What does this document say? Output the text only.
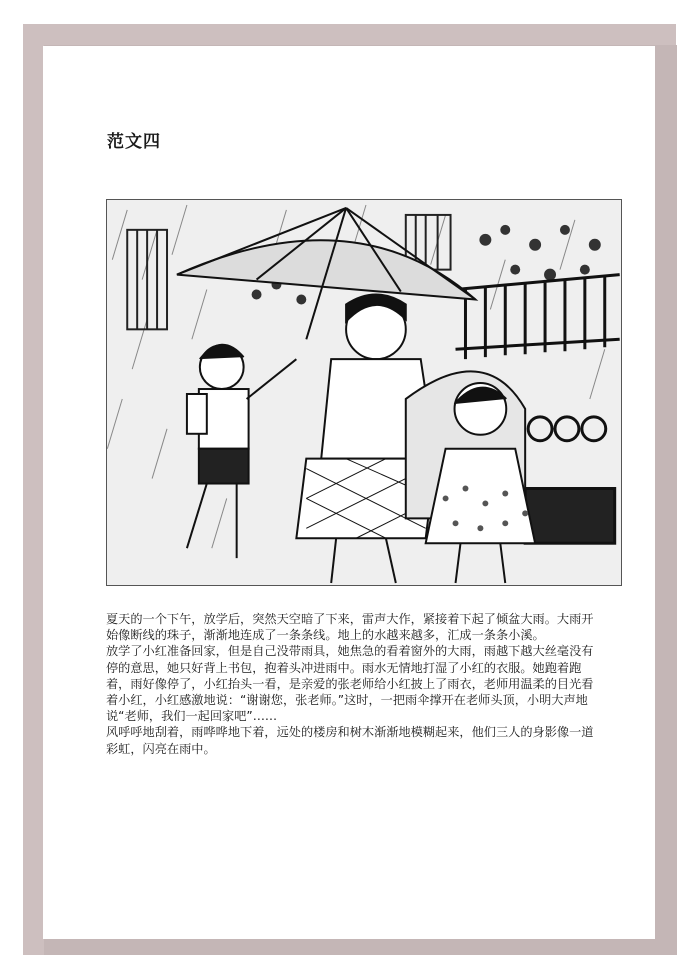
范文四

夏天的一个下午，放学后，突然天空暗了下来，雷声大作，紧接着下起了倾盆大雨。大雨开始像断线的珠子，渐渐地连成了一条条线。地上的水越来越多，汇成一条条小溪。

放学了小红准备回家，但是自己没带雨具，她焦急的看着窗外的大雨，雨越下越大丝毫没有停的意思，她只好背上书包，抱着头冲进雨中。雨水无情地打湿了小红的衣服。她跑着跑着，雨好像停了，小红抬头一看，是亲爱的张老师给小红披上了雨衣，老师用温柔的目光看着小红，小红感激地说：“谢谢您，张老师。”这时，一把雨伞撑开在老师头顶，小明大声地说“老师，我们一起回家吧”……

风呼呼地刮着，雨哗哗地下着，远处的楼房和树木渐渐地模糊起来，他们三人的身影像一道彩虹，闪亮在雨中。
